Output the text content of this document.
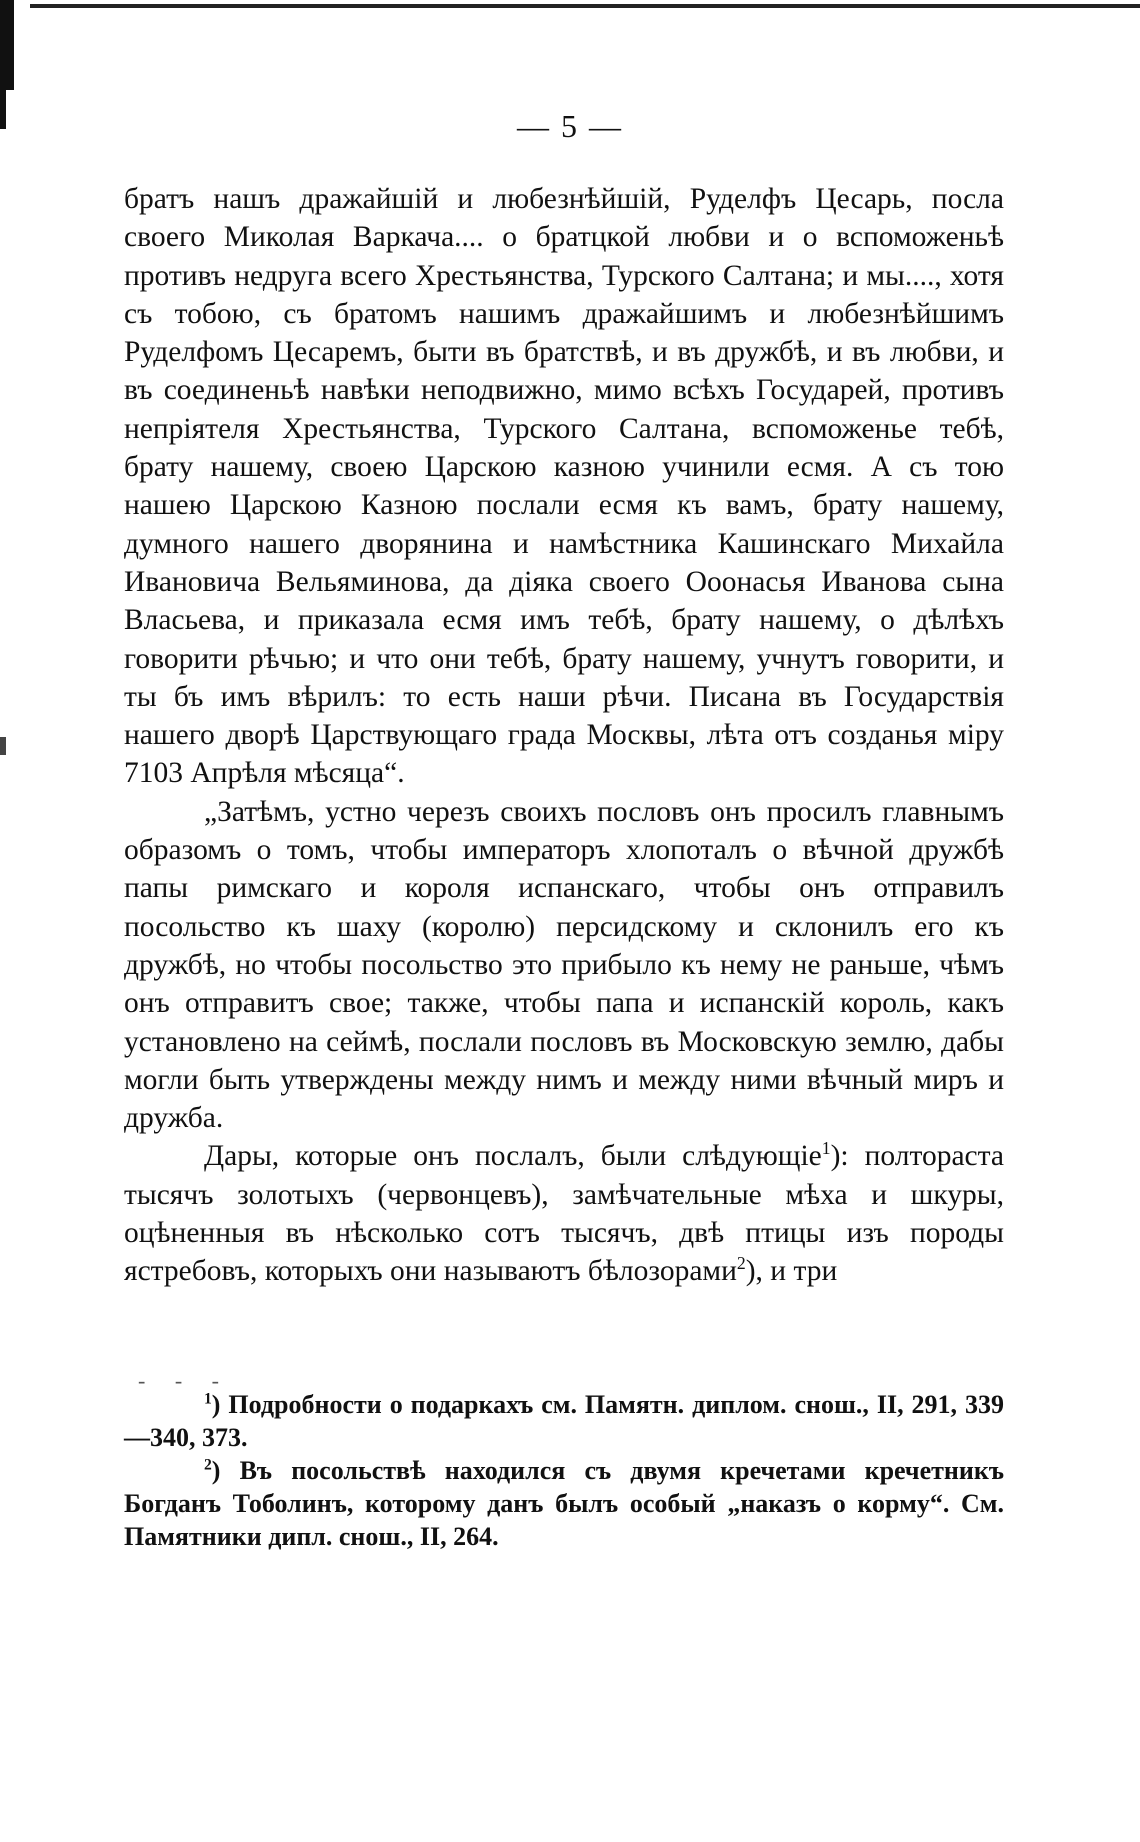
— 5 —

братъ нашъ дражайшій и любезнѣйшій, Руделфъ Цесарь, посла своего Миколая Варкача.... о братцкой любви и о вспоможеньѣ противъ недруга всего Хрестьянства, Турского Салтана; и мы...., хотя съ тобою, съ братомъ нашимъ дражайшимъ и любезнѣйшимъ Руделфомъ Цесаремъ, быти въ братствѣ, и въ дружбѣ, и въ любви, и въ соединеньѣ навѣки неподвижно, мимо всѣхъ Государей, противъ непріятеля Хрестьянства, Турского Салтана, вспоможенье тебѣ, брату нашему, своею Царскою казною учинили есмя. А съ тою нашею Царскою Казною послали есмя къ вамъ, брату нашему, думного нашего дворянина и намѣстника Кашинскаго Михайла Ивановича Вельяминова, да діяка своего Ооонасья Иванова сына Власьева, и приказала есмя имъ тебѣ, брату нашему, о дѣлѣхъ говорити рѣчью; и что они тебѣ, брату нашему, учнутъ говорити, и ты бъ имъ вѣрилъ: то есть наши рѣчи. Писана въ Государствія нашего дворѣ Царствующаго града Москвы, лѣта отъ созданья міру 7103 Апрѣля мѣсяца“.

„Затѣмъ, устно черезъ своихъ пословъ онъ просилъ главнымъ образомъ о томъ, чтобы императоръ хлопоталъ о вѣчной дружбѣ папы римскаго и короля испанскаго, чтобы онъ отправилъ посольство къ шаху (королю) персидскому и склонилъ его къ дружбѣ, но чтобы посольство это прибыло къ нему не раньше, чѣмъ онъ отправитъ свое; также, чтобы папа и испанскій король, какъ установлено на сеймѣ, послали пословъ въ Московскую землю, дабы могли быть утверждены между нимъ и между ними вѣчный миръ и дружба.

Дары, которые онъ послалъ, были слѣдующіе$^1$): полтораста тысячъ золотыхъ (червонцевъ), замѣчательные мѣха и шкуры, оцѣненныя въ нѣсколько сотъ тысячъ, двѣ птицы изъ породы ястребовъ, которыхъ они называютъ бѣлозорами$^2$), и три

- - -

$^1$) Подробности о подаркахъ см. Памятн. диплом. снош., II, 291, 339—340, 373.

$^2$) Въ посольствѣ находился съ двумя кречетами кречетникъ Богданъ Тоболинъ, которому данъ былъ особый „наказъ о корму“. См. Памятники дипл. снош., II, 264.
